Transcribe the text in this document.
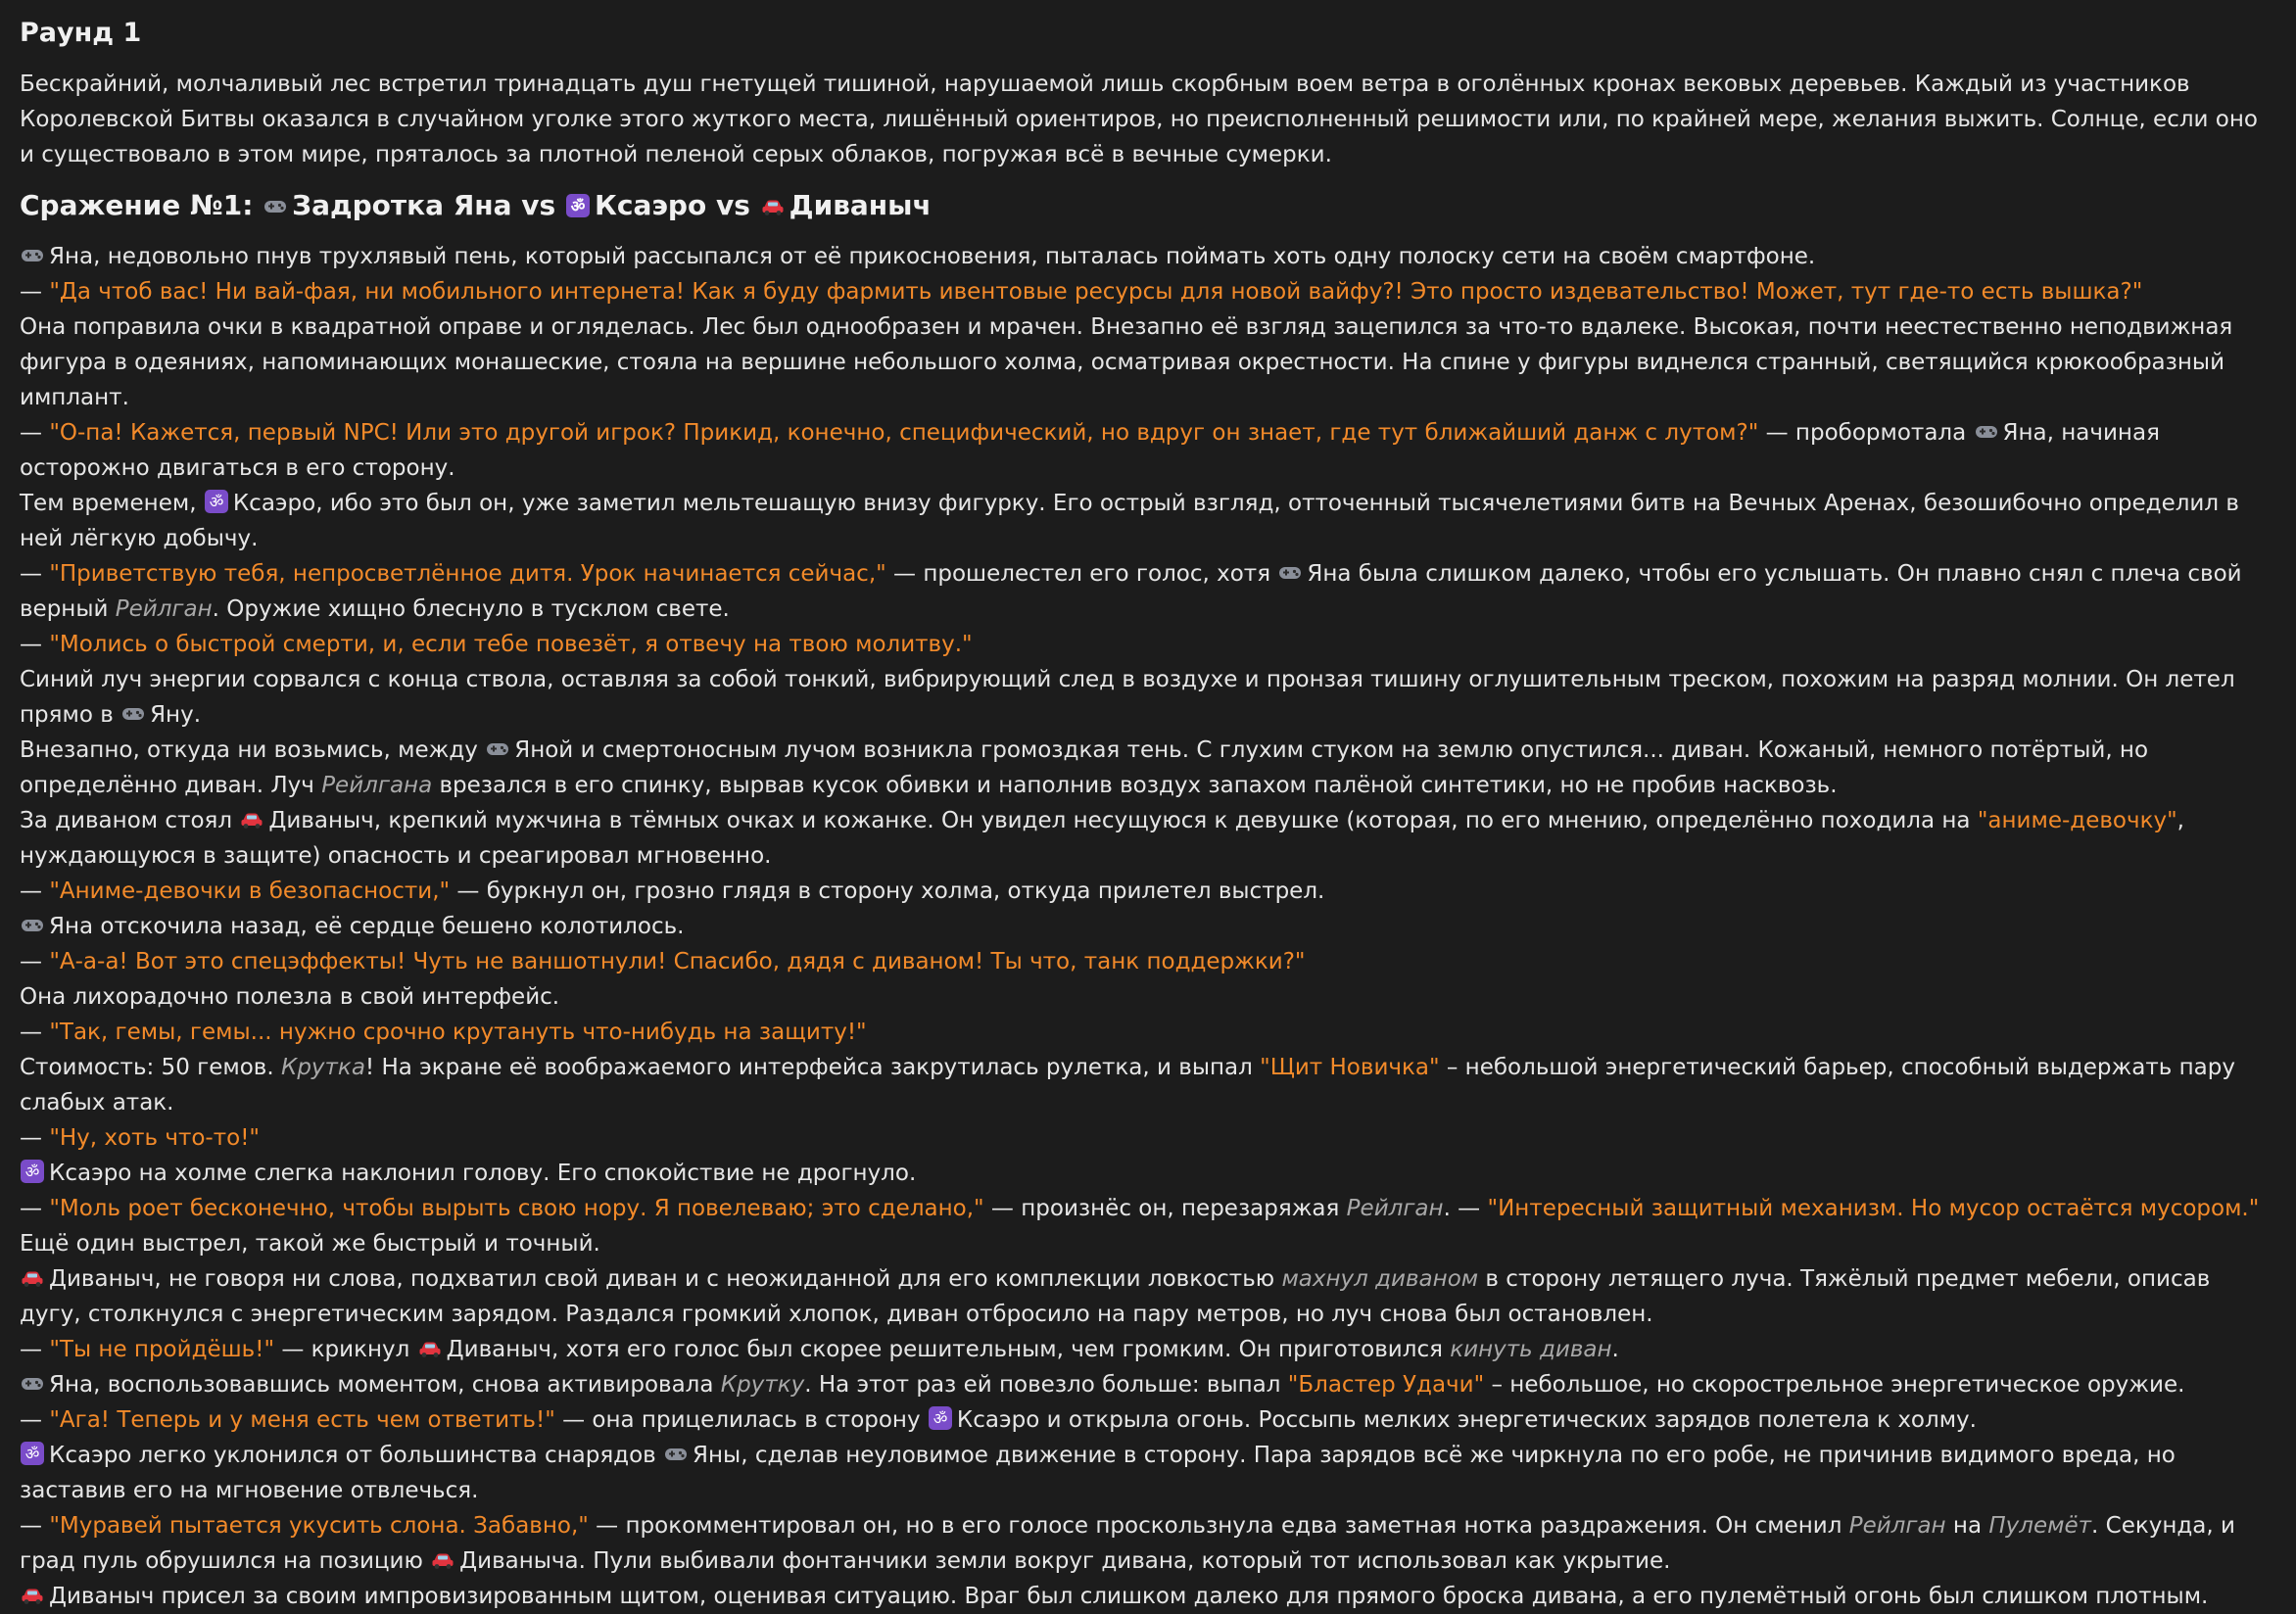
Раунд 1

Бескрайний, молчаливый лес встретил тринадцать душ гнетущей тишиной, нарушаемой лишь скорбным воем ветра в оголённых кронах вековых деревьев. Каждый из участников Королевской Битвы оказался в случайном уголке этого жуткого места, лишённый ориентиров, но преисполненный решимости или, по крайней мере, желания выжить. Солнце, если оно и существовало в этом мире, пряталось за плотной пеленой серых облаков, погружая всё в вечные сумерки.

Сражение №1: Задротка Яна vs ॐ Ксаэро vs Диваныч

Яна, недовольно пнув трухлявый пень, который рассыпался от её прикосновения, пыталась поймать хоть одну полоску сети на своём смартфоне.

— "Да чтоб вас! Ни вай-фая, ни мобильного интернета! Как я буду фармить ивентовые ресурсы для новой вайфу?! Это просто издевательство! Может, тут где-то есть вышка?"

Она поправила очки в квадратной оправе и огляделась. Лес был однообразен и мрачен. Внезапно её взгляд зацепился за что-то вдалеке. Высокая, почти неестественно неподвижная фигура в одеяниях, напоминающих монашеские, стояла на вершине небольшого холма, осматривая окрестности. На спине у фигуры виднелся странный, светящийся крюкообразный имплант.

— "О-па! Кажется, первый NPC! Или это другой игрок? Прикид, конечно, специфический, но вдруг он знает, где тут ближайший данж с лутом?" — пробормотала
Яна, начиная осторожно двигаться в его сторону.

Тем временем, ॐ Ксаэро, ибо это был он, уже заметил мельтешащую внизу фигурку. Его острый взгляд, отточенный тысячелетиями битв на Вечных Аренах, безошибочно определил в ней лёгкую добычу.

— "Приветствую тебя, непросветлённое дитя. Урок начинается сейчас," — прошелестел его голос, хотя
Яна была слишком далеко, чтобы его услышать. Он плавно снял с плеча свой верный Рейлган. Оружие хищно блеснуло в тусклом свете.

— "Молись о быстрой смерти, и, если тебе повезёт, я отвечу на твою молитву."

Синий луч энергии сорвался с конца ствола, оставляя за собой тонкий, вибрирующий след в воздухе и пронзая тишину оглушительным треском, похожим на разряд молнии. Он летел прямо в
Яну.

Внезапно, откуда ни возьмись, между
Яной и смертоносным лучом возникла громоздкая тень. С глухим стуком на землю опустился... диван. Кожаный, немного потёртый, но определённо диван. Луч Рейлгана врезался в его спинку, вырвав кусок обивки и наполнив воздух запахом палёной синтетики, но не пробив насквозь.

За диваном стоял
Диваныч, крепкий мужчина в тёмных очках и кожанке. Он увидел несущуюся к девушке (которая, по его мнению, определённо походила на "аниме-девочку", нуждающуюся в защите) опасность и среагировал мгновенно.

— "Аниме-девочки в безопасности," — буркнул он, грозно глядя в сторону холма, откуда прилетел выстрел.

Яна отскочила назад, её сердце бешено колотилось.

— "А-а-а! Вот это спецэффекты! Чуть не ваншотнули! Спасибо, дядя с диваном! Ты что, танк поддержки?"

Она лихорадочно полезла в свой интерфейс.

— "Так, гемы, гемы... нужно срочно крутануть что-нибудь на защиту!"

Стоимость: 50 гемов. Крутка! На экране её воображаемого интерфейса закрутилась рулетка, и выпал "Щит Новичка" – небольшой энергетический барьер, способный выдержать пару слабых атак.

— "Ну, хоть что-то!"

ॐ Ксаэро на холме слегка наклонил голову. Его спокойствие не дрогнуло.

— "Моль роет бесконечно, чтобы вырыть свою нору. Я повелеваю; это сделано," — произнёс он, перезаряжая Рейлган. — "Интересный защитный механизм. Но мусор остаётся мусором."

Ещё один выстрел, такой же быстрый и точный.

Диваныч, не говоря ни слова, подхватил свой диван и с неожиданной для его комплекции ловкостью махнул диваном в сторону летящего луча. Тяжёлый предмет мебели, описав дугу, столкнулся с энергетическим зарядом. Раздался громкий хлопок, диван отбросило на пару метров, но луч снова был остановлен.

— "Ты не пройдёшь!" — крикнул
Диваныч, хотя его голос был скорее решительным, чем громким. Он приготовился кинуть диван.

Яна, воспользовавшись моментом, снова активировала Крутку. На этот раз ей повезло больше: выпал "Бластер Удачи" – небольшое, но скорострельное энергетическое оружие.

— "Ага! Теперь и у меня есть чем ответить!" — она прицелилась в сторону ॐ Ксаэро и открыла огонь. Россыпь мелких энергетических зарядов полетела к холму.

ॐ Ксаэро легко уклонился от большинства снарядов
Яны, сделав неуловимое движение в сторону. Пара зарядов всё же чиркнула по его робе, не причинив видимого вреда, но заставив его на мгновение отвлечься.

— "Муравей пытается укусить слона. Забавно," — прокомментировал он, но в его голосе проскользнула едва заметная нотка раздражения. Он сменил Рейлган на Пулемёт. Секунда, и град пуль обрушился на позицию
Диваныча. Пули выбивали фонтанчики земли вокруг дивана, который тот использовал как укрытие.

Диваныч присел за своим импровизированным щитом, оценивая ситуацию. Враг был слишком далеко для прямого броска дивана, а его пулемётный огонь был слишком плотным.
